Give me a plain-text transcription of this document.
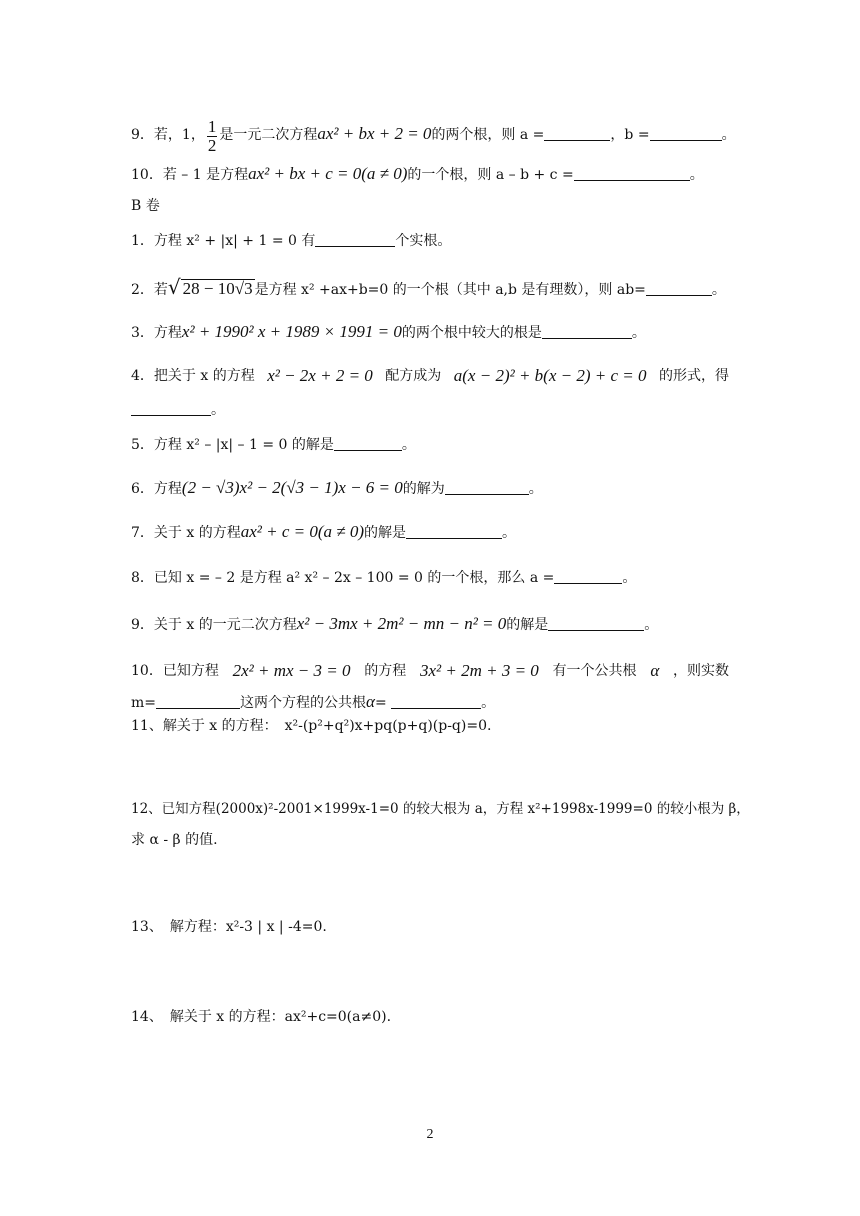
9．若，1， $\frac{1}{2}$ 是一元二次方程ax² + bx + 2 = 0的两个根，则 a =	，b =	。
10．若 – 1 是方程ax² + bx + c = 0(a ≠ 0)的一个根，则 a – b + c =	。
B 卷
1．方程 x² + |x| + 1 = 0 有	个实根。
2．若√ 28 − 10√3 是方程 x² +ax+b=0 的一个根（其中 a,b 是有理数），则 ab=	。
3．方程x² + 1990² x + 1989 × 1991 = 0的两个根中较大的根是	。
4．把关于 x 的方程 x² − 2x + 2 = 0 配方成为 a(x − 2)² + b(x − 2) + c = 0 的形式，得
。
5．方程 x² – |x| – 1 = 0 的解是	。
6．方程(2 − √3)x² − 2(√3 − 1)x − 6 = 0的解为	。
7．关于 x 的方程ax² + c = 0(a ≠ 0)的解是	。
8．已知 x = – 2 是方程 a² x² – 2x – 100 = 0 的一个根，那么 a =	。
9．关于 x 的一元二次方程x² − 3mx + 2m² − mn − n² = 0的解是	。
10．已知方程 2x² + mx − 3 = 0 的方程 3x² + 2m + 3 = 0 有一个公共根 α ，则实数
m=	这两个方程的公共根α=	。
11、解关于 x 的方程：　x²-(p²+q²)x+pq(p+q)(p-q)=0.
12、已知方程(2000x)²-2001×1999x-1=0 的较大根为 a，方程 x²+1998x-1999=0 的较小根为 β，
求 α - β 的值.
13、　解方程：x²-3 | x | -4=0.
14、　解关于 x 的方程：ax²+c=0(a≠0).
2
